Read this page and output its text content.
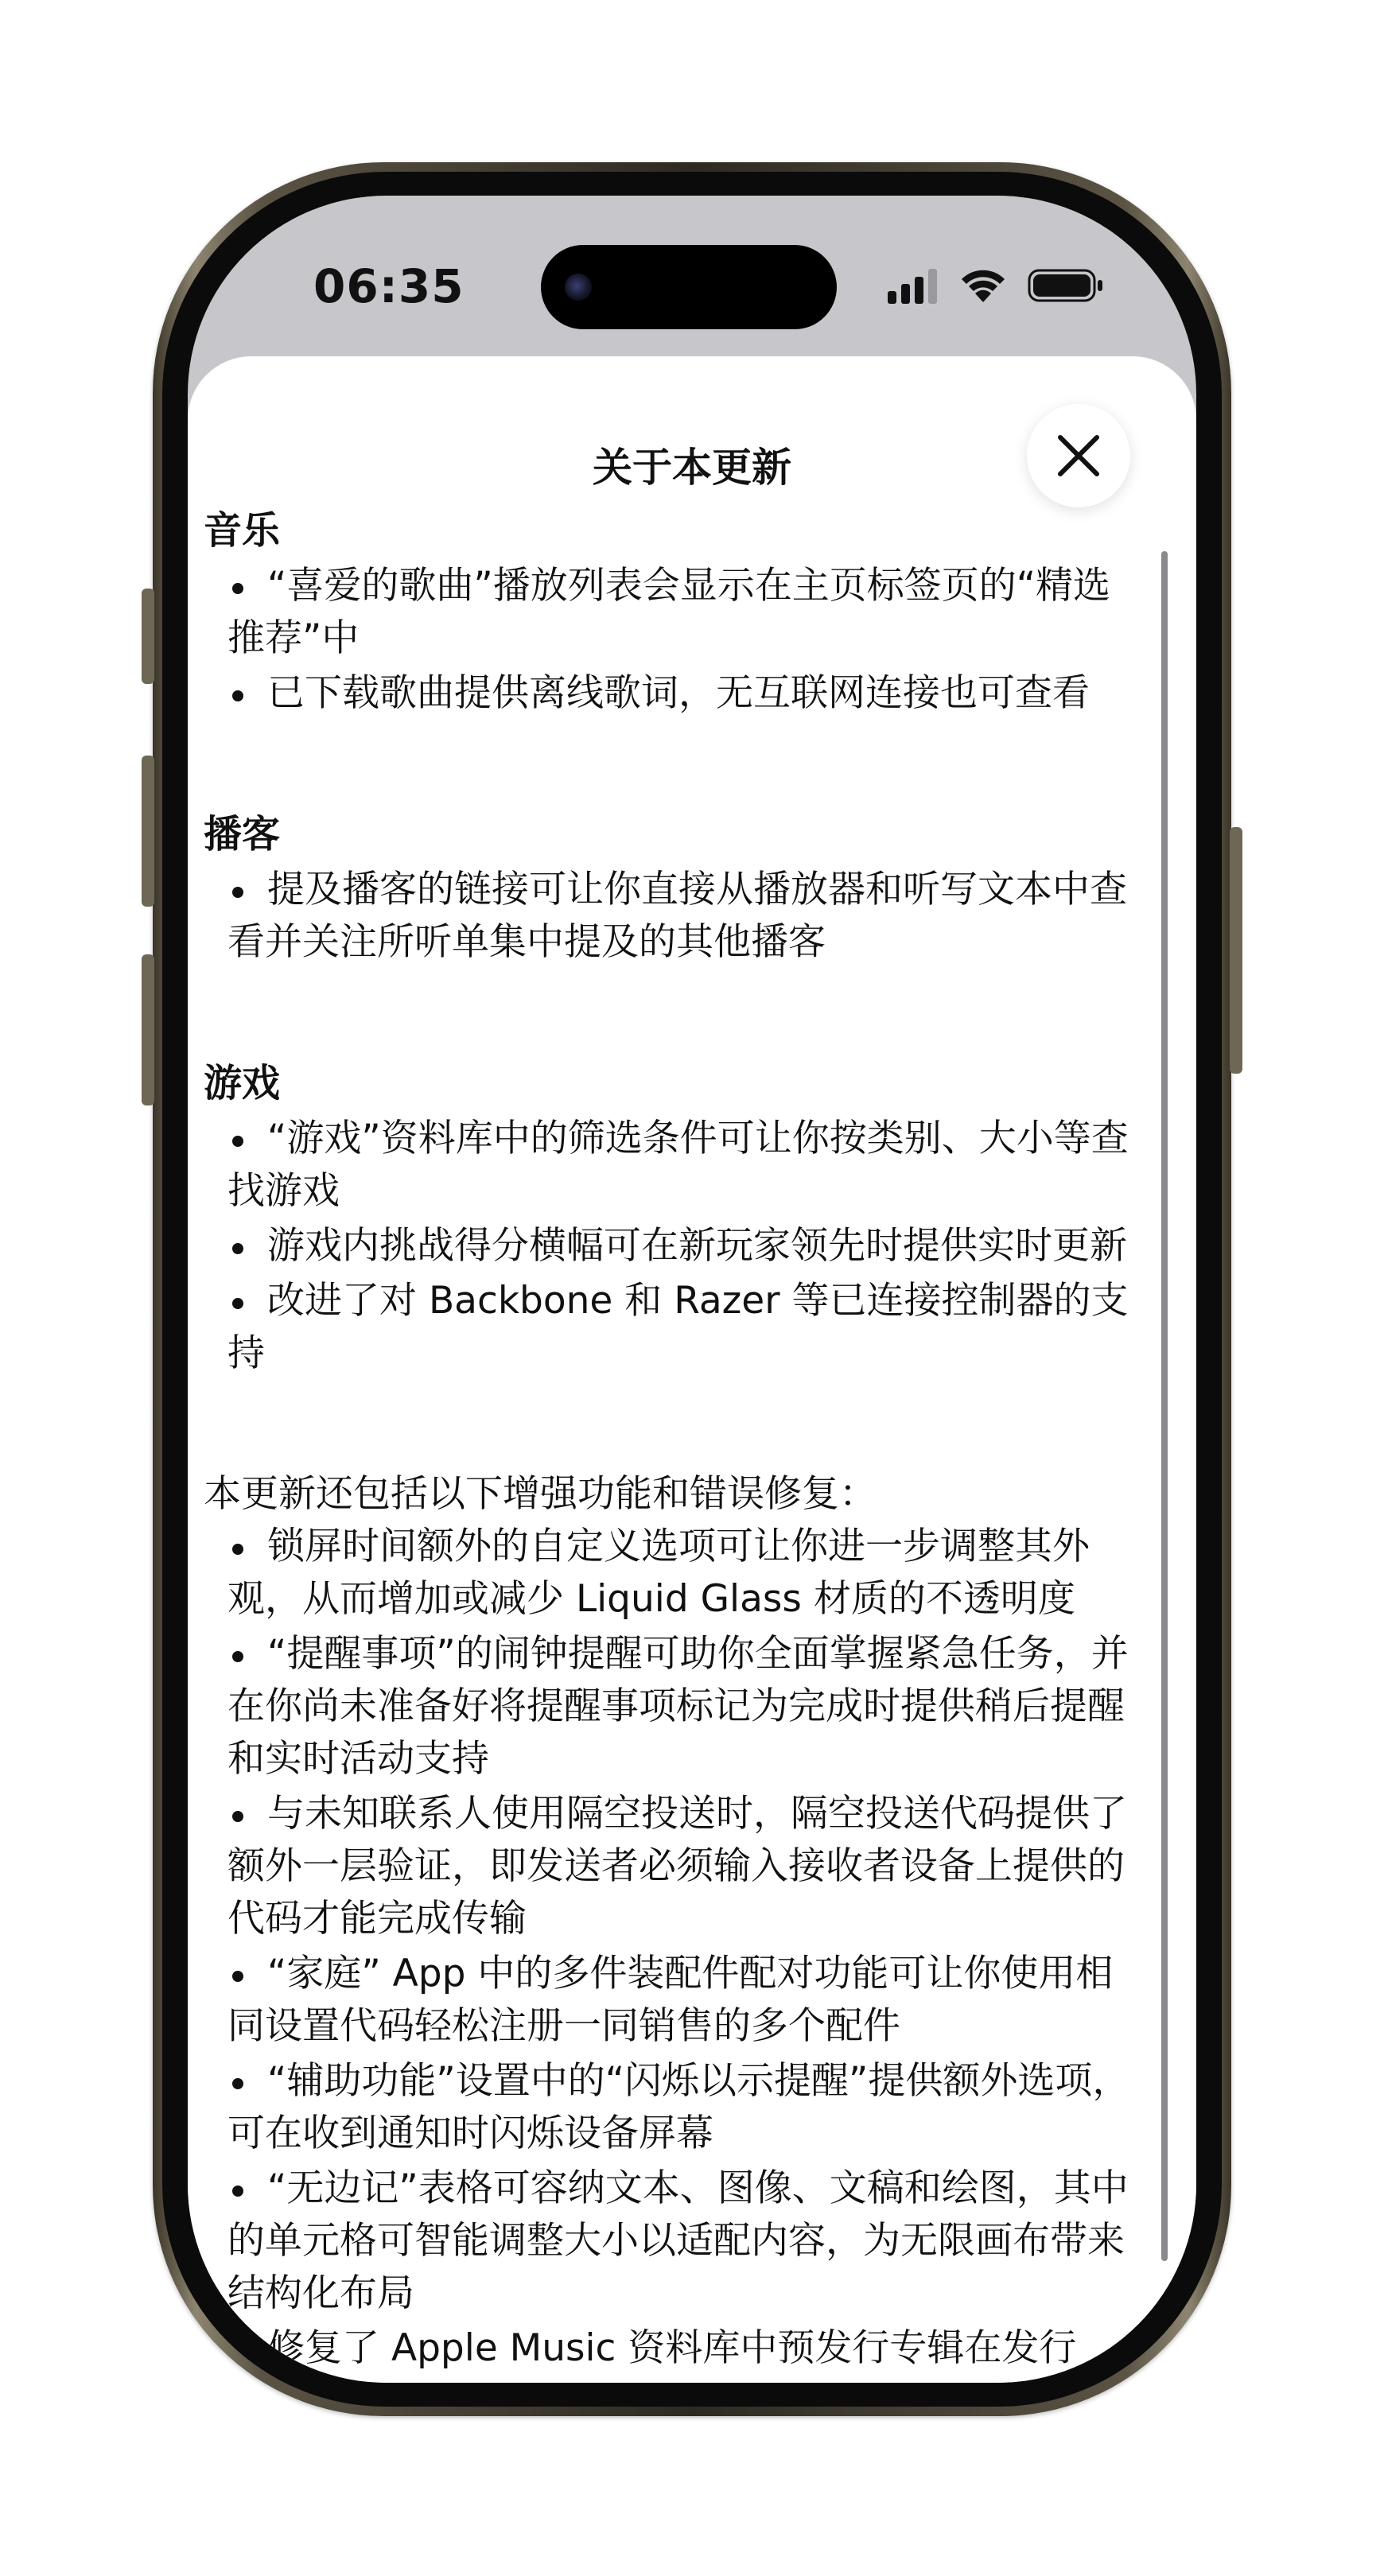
06:35
关于本更新
音乐
“喜爱的歌曲”播放列表会显示在主页标签页的“精选推荐”中
已下载歌曲提供离线歌词，无互联网连接也可查看
播客
提及播客的链接可让你直接从播放器和听写文本中查看并关注所听单集中提及的其他播客
游戏
“游戏”资料库中的筛选条件可让你按类别、大小等查找游戏
游戏内挑战得分横幅可在新玩家领先时提供实时更新
改进了对 Backbone 和 Razer 等已连接控制器的支持
本更新还包括以下增强功能和错误修复：
锁屏时间额外的自定义选项可让你进一步调整其外观，从而增加或减少 Liquid Glass 材质的不透明度
“提醒事项”的闹钟提醒可助你全面掌握紧急任务，并在你尚未准备好将提醒事项标记为完成时提供稍后提醒和实时活动支持
与未知联系人使用隔空投送时，隔空投送代码提供了额外一层验证，即发送者必须输入接收者设备上提供的代码才能完成传输
“家庭” App 中的多件装配件配对功能可让你使用相同设置代码轻松注册一同销售的多个配件
“辅助功能”设置中的“闪烁以示提醒”提供额外选项，可在收到通知时闪烁设备屏幕
“无边记”表格可容纳文本、图像、文稿和绘图，其中的单元格可智能调整大小以适配内容，为无限画布带来结构化布局
修复了 Apple Music 资料库中预发行专辑在发行
